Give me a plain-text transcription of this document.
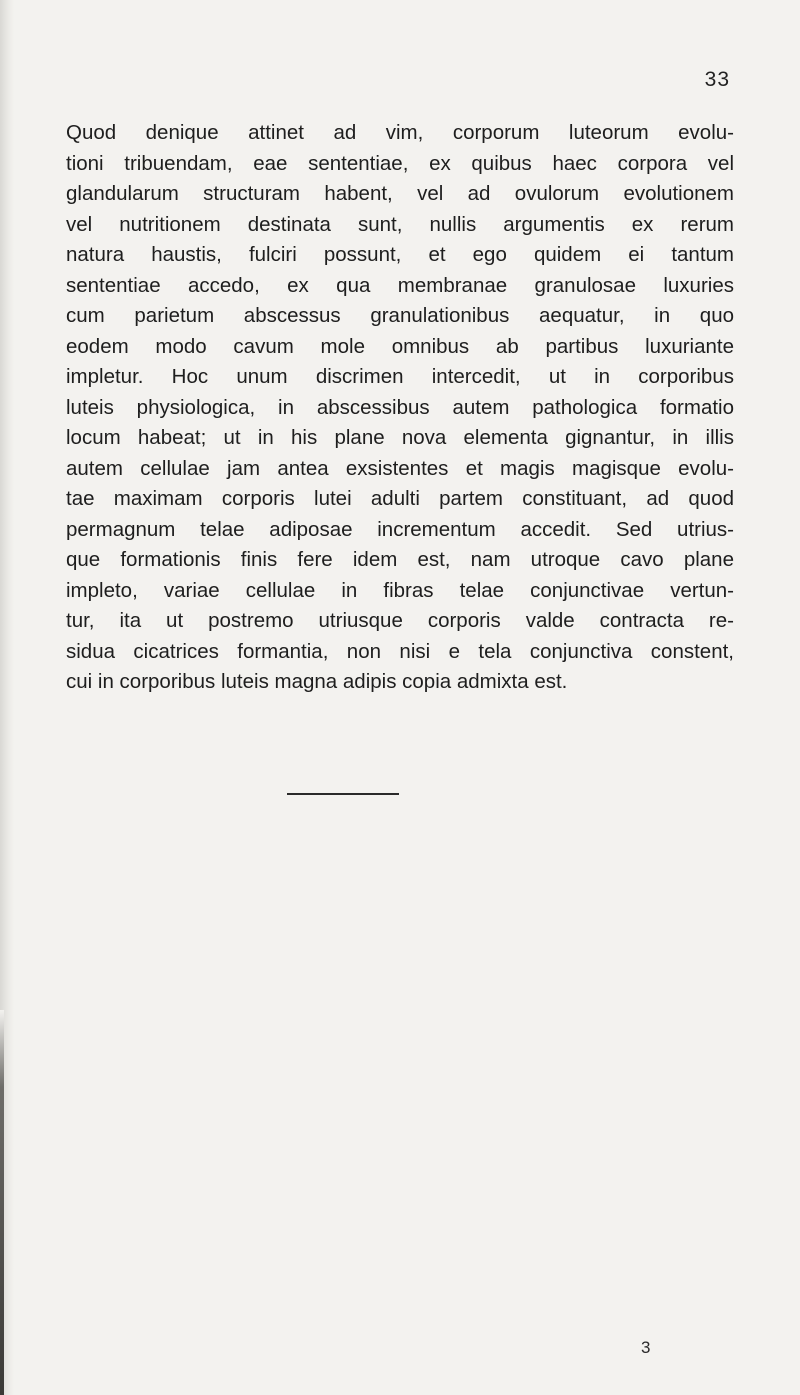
33
Quod denique attinet ad vim, corporum luteorum evolu-
tioni tribuendam, eae sententiae, ex quibus haec corpora vel
glandularum structuram habent, vel ad ovulorum evolutionem
vel nutritionem destinata sunt, nullis argumentis ex rerum
natura haustis, fulciri possunt, et ego quidem ei tantum
sententiae accedo, ex qua membranae granulosae luxuries
cum parietum abscessus granulationibus aequatur, in quo
eodem modo cavum mole omnibus ab partibus luxuriante
impletur. Hoc unum discrimen intercedit, ut in corporibus
luteis physiologica, in abscessibus autem pathologica formatio
locum habeat; ut in his plane nova elementa gignantur, in illis
autem cellulae jam antea exsistentes et magis magisque evolu-
tae maximam corporis lutei adulti partem constituant, ad quod
permagnum telae adiposae incrementum accedit. Sed utrius-
que formationis finis fere idem est, nam utroque cavo plane
impleto, variae cellulae in fibras telae conjunctivae vertun-
tur, ita ut postremo utriusque corporis valde contracta re-
sidua cicatrices formantia, non nisi e tela conjunctiva constent,
cui in corporibus luteis magna adipis copia admixta est.
3
